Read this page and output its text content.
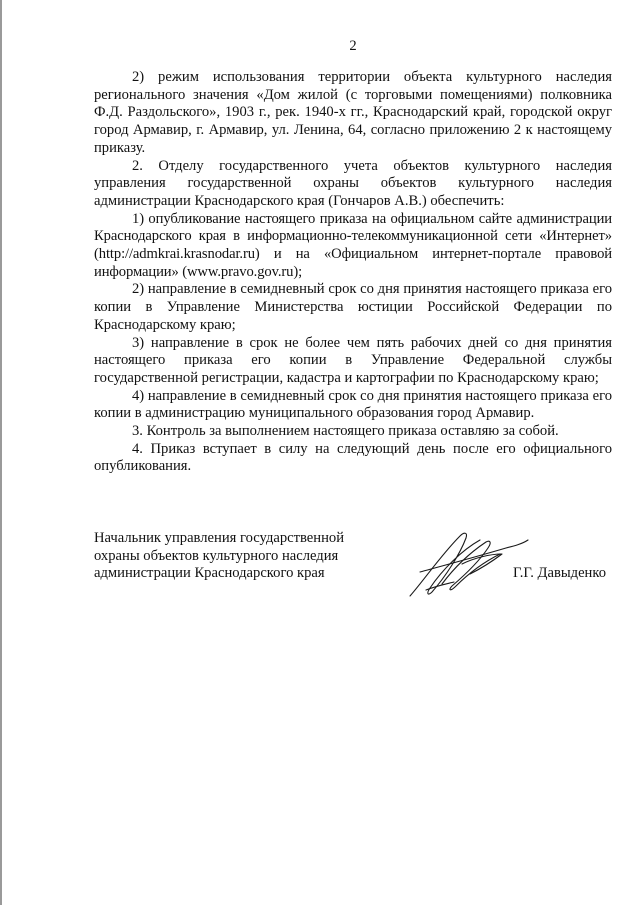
2

2) режим использования территории объекта культурного наследия регионального значения «Дом жилой (с торговыми помещениями) полковника Ф.Д. Раздольского», 1903 г., рек. 1940-х гг., Краснодарский край, городской округ город Армавир, г. Армавир, ул. Ленина, 64, согласно приложению 2 к настоящему приказу.

2. Отделу государственного учета объектов культурного наследия управления государственной охраны объектов культурного наследия администрации Краснодарского края (Гончаров А.В.) обеспечить:

1) опубликование настоящего приказа на официальном сайте администрации Краснодарского края в информационно-телекоммуникационной сети «Интернет» (http://admkrai.krasnodar.ru) и на «Официальном интернет-портале правовой информации» (www.pravo.gov.ru);

2) направление в семидневный срок со дня принятия настоящего приказа его копии в Управление Министерства юстиции Российской Федерации по Краснодарскому краю;

3) направление в срок не более чем пять рабочих дней со дня принятия настоящего приказа его копии в Управление Федеральной службы государственной регистрации, кадастра и картографии по Краснодарскому краю;

4) направление в семидневный срок со дня принятия настоящего приказа его копии в администрацию муниципального образования город Армавир.

3. Контроль за выполнением настоящего приказа оставляю за собой.

4. Приказ вступает в силу на следующий день после его официального опубликования.

Начальник управления государственной
охраны объектов культурного наследия
администрации Краснодарского края	Г.Г. Давыденко
